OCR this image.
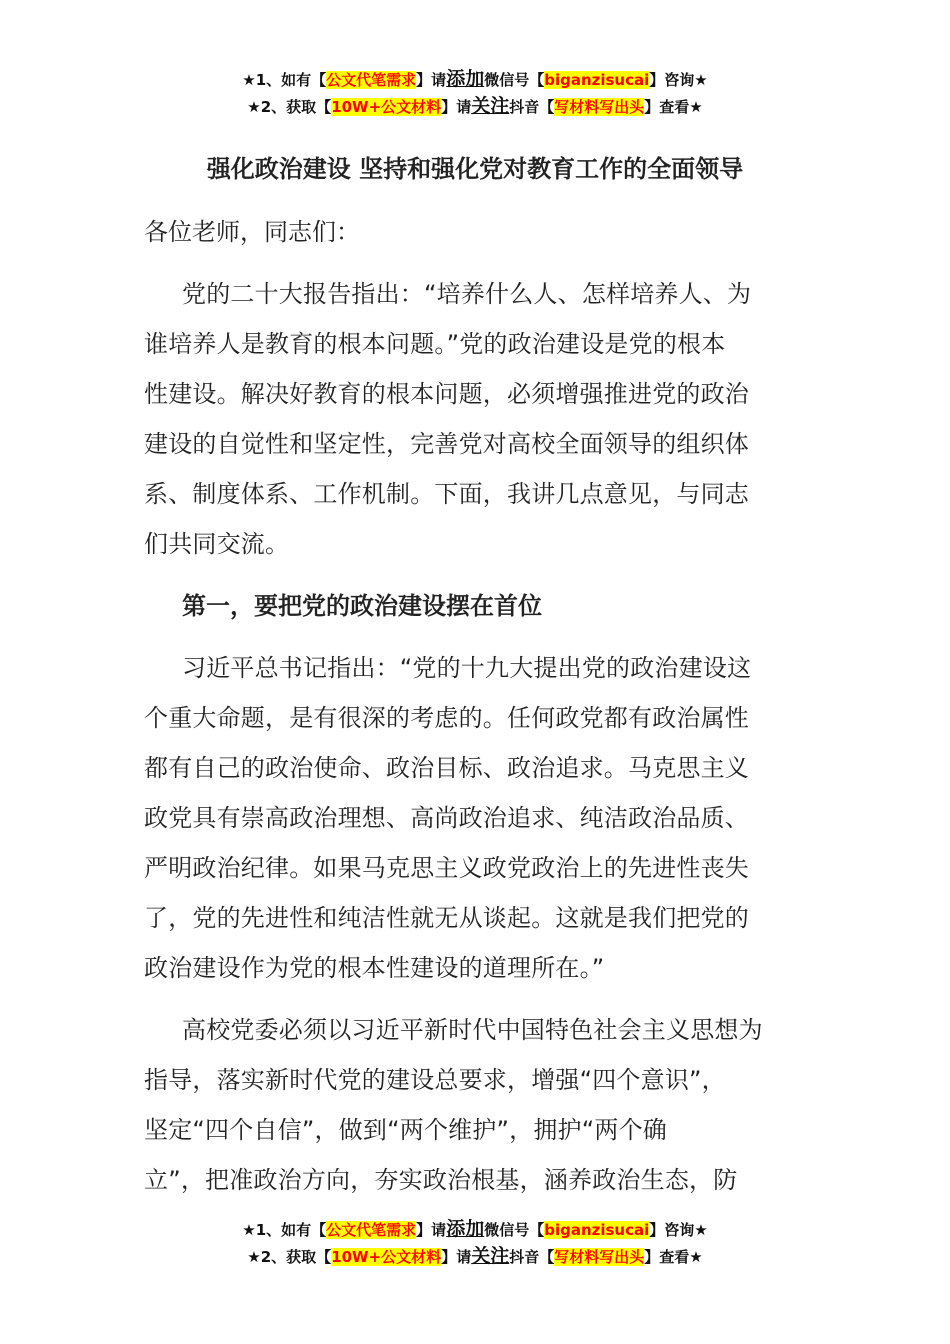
★1、如有【公文代笔需求】请添加微信号【biganzisucai】咨询★
★2、获取【10W+公文材料】请关注抖音【写材料写出头】查看★
强化政治建设 坚持和强化党对教育工作的全面领导
各位老师，同志们：
党的二十大报告指出：“培养什么人、怎样培养人、为
谁培养人是教育的根本问题。”党的政治建设是党的根本
性建设。解决好教育的根本问题，必须增强推进党的政治
建设的自觉性和坚定性，完善党对高校全面领导的组织体
系、制度体系、工作机制。下面，我讲几点意见，与同志
们共同交流。
第一，要把党的政治建设摆在首位
习近平总书记指出：“党的十九大提出党的政治建设这
个重大命题，是有很深的考虑的。任何政党都有政治属性
都有自己的政治使命、政治目标、政治追求。马克思主义
政党具有崇高政治理想、高尚政治追求、纯洁政治品质、
严明政治纪律。如果马克思主义政党政治上的先进性丧失
了，党的先进性和纯洁性就无从谈起。这就是我们把党的
政治建设作为党的根本性建设的道理所在。”
高校党委必须以习近平新时代中国特色社会主义思想为
指导，落实新时代党的建设总要求，增强“四个意识”，
坚定“四个自信”，做到“两个维护”，拥护“两个确
立”，把准政治方向，夯实政治根基，涵养政治生态，防
★1、如有【公文代笔需求】请添加微信号【biganzisucai】咨询★
★2、获取【10W+公文材料】请关注抖音【写材料写出头】查看★
